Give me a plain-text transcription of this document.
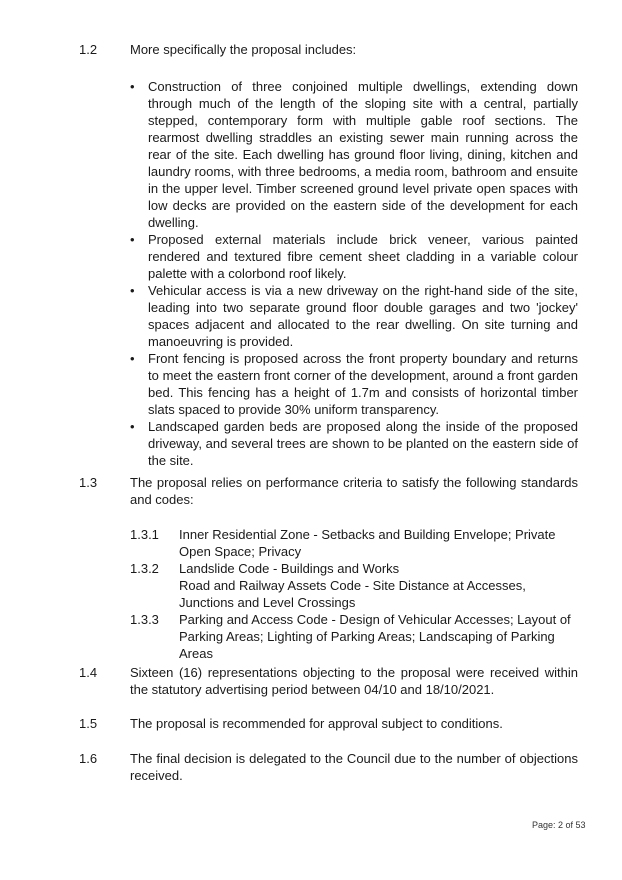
1.2	More specifically the proposal includes:
• Construction of three conjoined multiple dwellings, extending down through much of the length of the sloping site with a central, partially stepped, contemporary form with multiple gable roof sections. The rearmost dwelling straddles an existing sewer main running across the rear of the site. Each dwelling has ground floor living, dining, kitchen and laundry rooms, with three bedrooms, a media room, bathroom and ensuite in the upper level. Timber screened ground level private open spaces with low decks are provided on the eastern side of the development for each dwelling.
• Proposed external materials include brick veneer, various painted rendered and textured fibre cement sheet cladding in a variable colour palette with a colorbond roof likely.
• Vehicular access is via a new driveway on the right-hand side of the site, leading into two separate ground floor double garages and two 'jockey' spaces adjacent and allocated to the rear dwelling. On site turning and manoeuvring is provided.
• Front fencing is proposed across the front property boundary and returns to meet the eastern front corner of the development, around a front garden bed. This fencing has a height of 1.7m and consists of horizontal timber slats spaced to provide 30% uniform transparency.
• Landscaped garden beds are proposed along the inside of the proposed driveway, and several trees are shown to be planted on the eastern side of the site.
1.3	The proposal relies on performance criteria to satisfy the following standards and codes:
1.3.1 Inner Residential Zone - Setbacks and Building Envelope; Private Open Space; Privacy
1.3.2 Landslide Code - Buildings and Works
Road and Railway Assets Code - Site Distance at Accesses, Junctions and Level Crossings
1.3.3 Parking and Access Code - Design of Vehicular Accesses; Layout of Parking Areas; Lighting of Parking Areas; Landscaping of Parking Areas
1.4	Sixteen (16) representations objecting to the proposal were received within the statutory advertising period between 04/10 and 18/10/2021.
1.5	The proposal is recommended for approval subject to conditions.
1.6	The final decision is delegated to the Council due to the number of objections received.
Page: 2 of 53
